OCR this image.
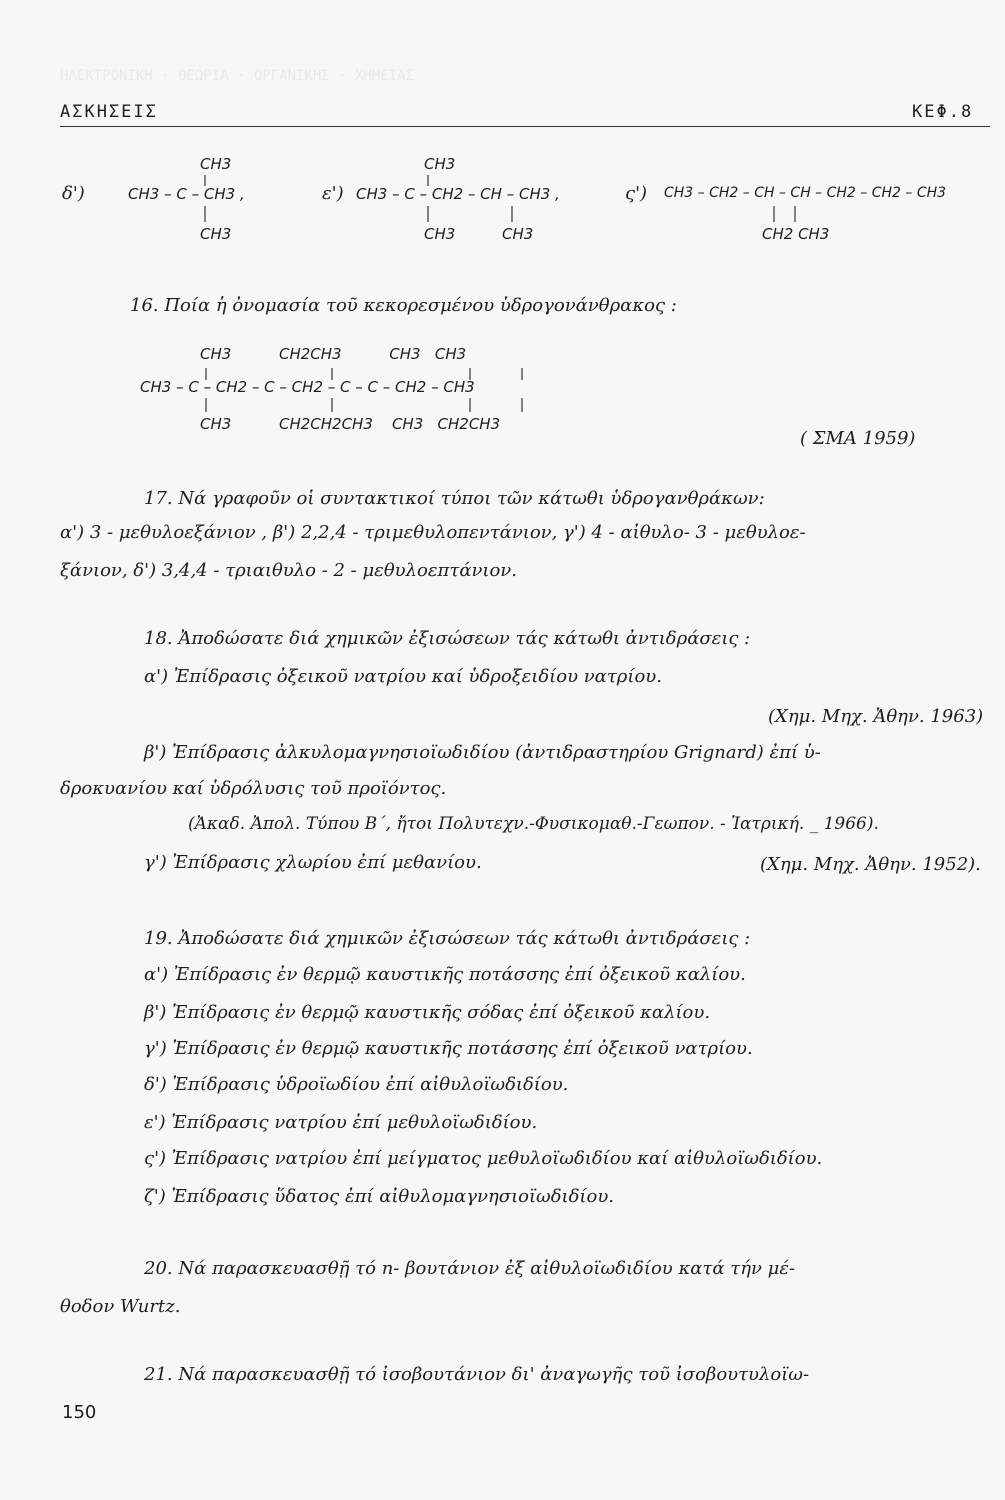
ΗΛΕΚΤΡΟΝΙΚΗ · ΘΕΩΡΙΑ · ΟΡΓΑΝΙΚΗΣ · ΧΗΜΕΙΑΣ
ΑΣΚΗΣΕΙΣ	ΚΕΦ.8
δ')
CH3
CH3 – C – CH3 ,
CH3
ε')
CH3
CH3 – C – CH2 – CH – CH3 ,
CH3	CH3
ς') CH3 – CH2 – CH – CH – CH2 – CH2 – CH3
CH2 CH3
16. Ποία ἡ ὀνομασία τοῦ κεκορεσμένου ὑδρογονάνθρακος :
CH3          CH2CH3          CH3   CH3
CH3 – C – CH2 – C – CH2 – C – C – CH2 – CH3
CH3          CH2CH2CH3    CH3   CH2CH3
( ΣΜΑ 1959)
17. Νά γραφοῦν οἱ συντακτικοί τύποι τῶν κάτωθι ὑδρογανθράκων:
α') 3 - μεθυλοεξάνιον , β') 2,2,4 - τριμεθυλοπεντάνιον, γ') 4 - αἰθυλο- 3 - μεθυλοε-
ξάνιον, δ') 3,4,4 - τριαιθυλο - 2 - μεθυλοεπτάνιον.
18. Ἀποδώσατε διά χημικῶν ἐξισώσεων τάς κάτωθι ἀντιδράσεις :
α') Ἐπίδρασις ὀξεικοῦ νατρίου καί ὑδροξειδίου νατρίου.
(Χημ. Μηχ. Ἀθην. 1963)
β') Ἐπίδρασις ἀλκυλομαγνησιοϊωδιδίου (ἀντιδραστηρίου Grignard) ἐπί ὑ-
δροκυανίου καί ὑδρόλυσις τοῦ προϊόντος.
(Ἀκαδ. Ἀπολ. Τύπου Β΄, ἤτοι Πολυτεχν.-Φυσικομαθ.-Γεωπον. - Ἰατρική. _ 1966).
γ') Ἐπίδρασις χλωρίου ἐπί μεθανίου.	(Χημ. Μηχ. Ἀθην. 1952).
19. Ἀποδώσατε διά χημικῶν ἐξισώσεων τάς κάτωθι ἀντιδράσεις :
α') Ἐπίδρασις ἐν θερμῷ καυστικῆς ποτάσσης ἐπί ὀξεικοῦ καλίου.
β') Ἐπίδρασις ἐν θερμῷ καυστικῆς σόδας ἐπί ὀξεικοῦ καλίου.
γ') Ἐπίδρασις ἐν θερμῷ καυστικῆς ποτάσσης ἐπί ὀξεικοῦ νατρίου.
δ') Ἐπίδρασις ὑδροϊωδίου ἐπί αἰθυλοϊωδιδίου.
ε') Ἐπίδρασις νατρίου ἐπί μεθυλοϊωδιδίου.
ς') Ἐπίδρασις νατρίου ἐπί μείγματος μεθυλοϊωδιδίου καί αἰθυλοϊωδιδίου.
ζ') Ἐπίδρασις ὕδατος ἐπί αἰθυλομαγνησιοϊωδιδίου.
20. Νά παρασκευασθῇ τό n- βουτάνιον ἐξ αἰθυλοϊωδιδίου κατά τήν μέ-
θοδον Wurtz.
21. Νά παρασκευασθῇ τό ἰσοβουτάνιον δι' ἀναγωγῆς τοῦ ἰσοβουτυλοϊω-
150
